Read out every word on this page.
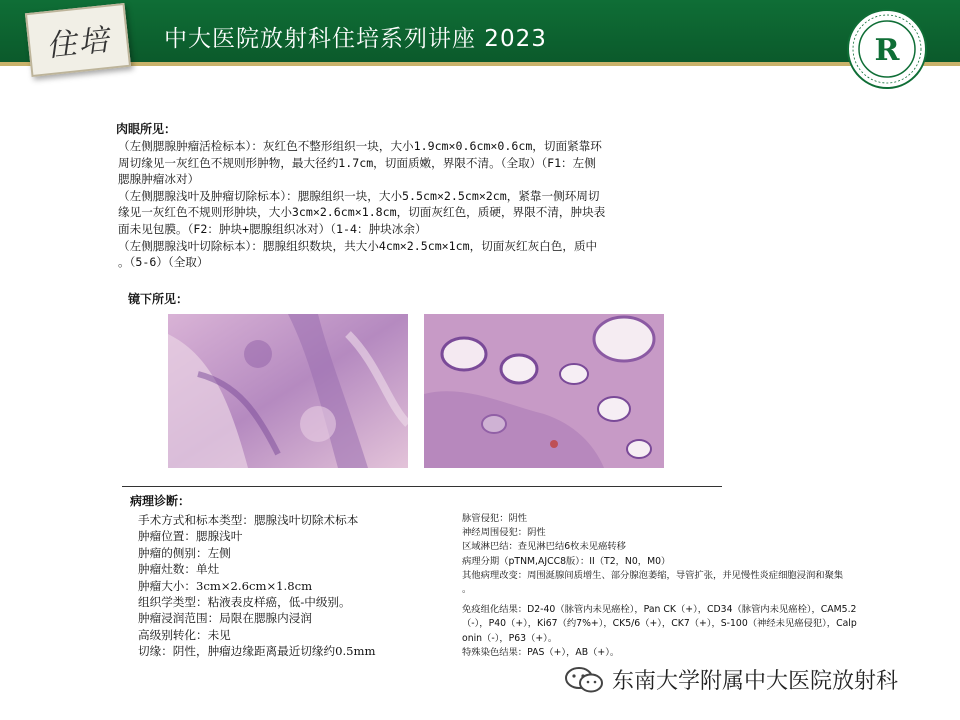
住培 中大医院放射科住培系列讲座 2023	R

肉眼所见：

（左侧腮腺肿瘤活检标本）：灰红色不整形组织一块，大小1.9cm×0.6cm×0.6cm，切面紧靠环

周切缘见一灰红色不规则形肿物，最大径约1.7cm，切面质嫩，界限不清。（全取）（F1：左侧

腮腺肿瘤冰对）

（左侧腮腺浅叶及肿瘤切除标本）：腮腺组织一块，大小5.5cm×2.5cm×2cm，紧靠一侧环周切

缘见一灰红色不规则形肿块，大小3cm×2.6cm×1.8cm，切面灰红色，质硬，界限不清，肿块表

面未见包膜。（F2：肿块+腮腺组织冰对）（1-4：肿块冰余）

（左侧腮腺浅叶切除标本）：腮腺组织数块，共大小4cm×2.5cm×1cm，切面灰红灰白色，质中

。（5-6）（全取）

镜下所见：

病理诊断：

手术方式和标本类型：腮腺浅叶切除术标本
肿瘤位置：腮腺浅叶
肿瘤的侧别：左侧
肿瘤灶数：单灶
肿瘤大小：3cm×2.6cm×1.8cm
组织学类型：粘液表皮样癌，低-中级别。
肿瘤浸润范围：局限在腮腺内浸润
高级别转化：未见
切缘：阴性，肿瘤边缘距离最近切缘约0.5mm
脉管侵犯：阴性
神经周围侵犯：阴性
区域淋巴结：查见淋巴结6枚未见癌转移
病理分期（pTNM,AJCC8版）：II（T2，N0，M0）
其他病理改变：周围涎腺间质增生、部分腺泡萎缩，导管扩张，并见慢性炎症细胞浸润和聚集
。
免疫组化结果：D2-40（脉管内未见癌栓），Pan CK（+），CD34（脉管内未见癌栓），CAM5.2
（-），P40（+），Ki67（约7%+），CK5/6（+），CK7（+），S-100（神经未见癌侵犯），Calp
onin（-），P63（+）。
特殊染色结果：PAS（+），AB（+）。
东南大学附属中大医院放射科
